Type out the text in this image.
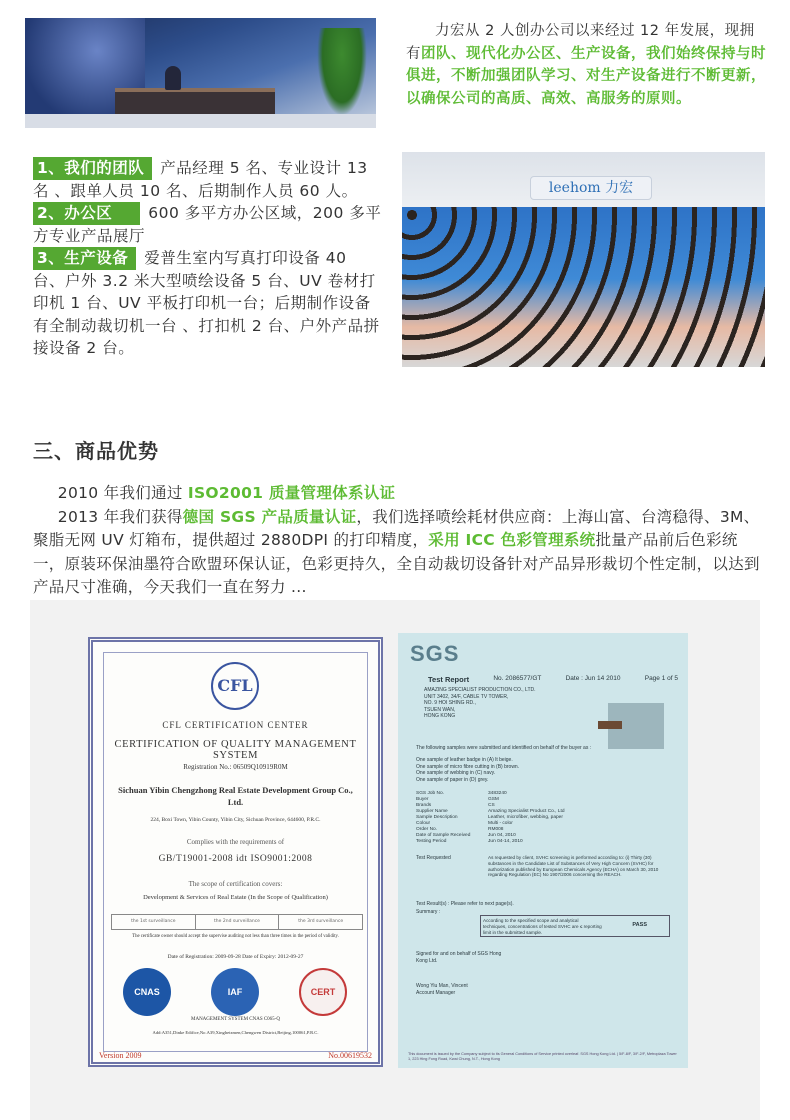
力宏从 2 人创办公司以来经过 12 年发展，现拥有团队、现代化办公区、生产设备，我们始终保持与时俱进，不断加强团队学习、对生产设备进行不断更新，以确保公司的高质、高效、高服务的原则。
1、我们的团队 产品经理 5 名、专业设计 13 名 、跟单人员 10 名、后期制作人员 60 人。
2、办公区 600 多平方办公区域，200 多平方专业产品展厅
3、生产设备 爱普生室内写真打印设备 40 台、户外 3.2 米大型喷绘设备 5 台、UV 卷材打印机 1 台、UV 平板打印机一台；后期制作设备有全制动裁切机一台 、打扣机 2 台、户外产品拼接设备 2 台。
leehom 力宏
三、商品优势

2010 年我们通过 ISO2001 质量管理体系认证

2013 年我们获得德国 SGS 产品质量认证，我们选择喷绘耗材供应商：上海山富、台湾稳得、3M、聚脂无网 UV 灯箱布，提供超过 2880DPI 的打印精度，采用 ICC 色彩管理系统批量产品前后色彩统一，原装环保油墨符合欧盟环保认证，色彩更持久，全自动裁切设备针对产品异形裁切个性定制，以达到产品尺寸准确，今天我们一直在努力 ...

CFL
CFL CERTIFICATION CENTER
CERTIFICATION OF QUALITY MANAGEMENT SYSTEM
Registration No.: 06509Q10919R0M
Sichuan Yibin Chengzhong Real Estate Development Group Co., Ltd.
224, Boxi Town, Yibin County, Yibin City, Sichuan Province, 644600, P.R.C.
Complies with the requirements of
GB/T19001-2008 idt ISO9001:2008
The scope of certification covers:
Development & Services of Real Estate (In the Scope of Qualification)
the 1st surveillance	the 2nd surveillance	the 3rd surveillance
The certificate owner should accept the supervise auditing not less than three times in the period of validity.
Date of Registration: 2009-09-28 Date of Expiry: 2012-09-27
CNAS	IAF	CERT
MANAGEMENT SYSTEM CNAS C065-Q
Add:A351,Dinke Edifice,No.A39,Xinghetzmen,Chengwen District,Beijing,100061,P.R.C.
Version 2009	No.00619532
SGS
Test Report	No. 2086577/GT	Date : Jun 14 2010	Page 1 of 5
AMAZING SPECIALIST PRODUCTION CO., LTD.
UNIT 3402, 34/F, CABLE TV TOWER,
NO. 9 HOI SHING RD.,
TSUEN WAN,
HONG KONG
The following samples were submitted and identified on behalf of the buyer as :
One sample of leather badge in (A) lt beige.
One sample of micro fibre cutting in (B) brown.
One sample of webbing in (C) navy.
One sample of paper in (D) grey.
SGS Job No.	3483240
Buyer	GSM
Brands	CS
Supplier Name	Amazing Specialist Product Co., Ltd
Sample Description	Leather, microfiber, webbing, paper
Colour	Multi - color
Order No.	RM008
Date of Sample Received	Jun 04, 2010
Testing Period	Jun 04-14, 2010
Test Requested	As requested by client, SVHC screening is performed according to: (i) Thirty (30) substances in the Candidate List of Substances of Very High Concern (SVHC) for authorization published by European Chemicals Agency (ECHA) on March 30, 2010 regarding Regulation (EC) No 1907/2006 concerning the REACH.
Test Result(s) : Please refer to next page(s).
Summary :
According to the specified scope and analytical techniques, concentrations of tested SVHC are ≤ reporting limit in the submitted sample.
PASS
Signed for and on behalf of SGS Hong Kong Ltd.
Wong Yiu Man, Vincent
Account Manager
This document is issued by the Company subject to its General Conditions of Service printed overleaf. SGS Hong Kong Ltd. | 5/F-8/F, 3/F-2/F, Metroplaza Tower 1, 223 Hing Fong Road, Kwai Chung, N.T., Hong Kong
